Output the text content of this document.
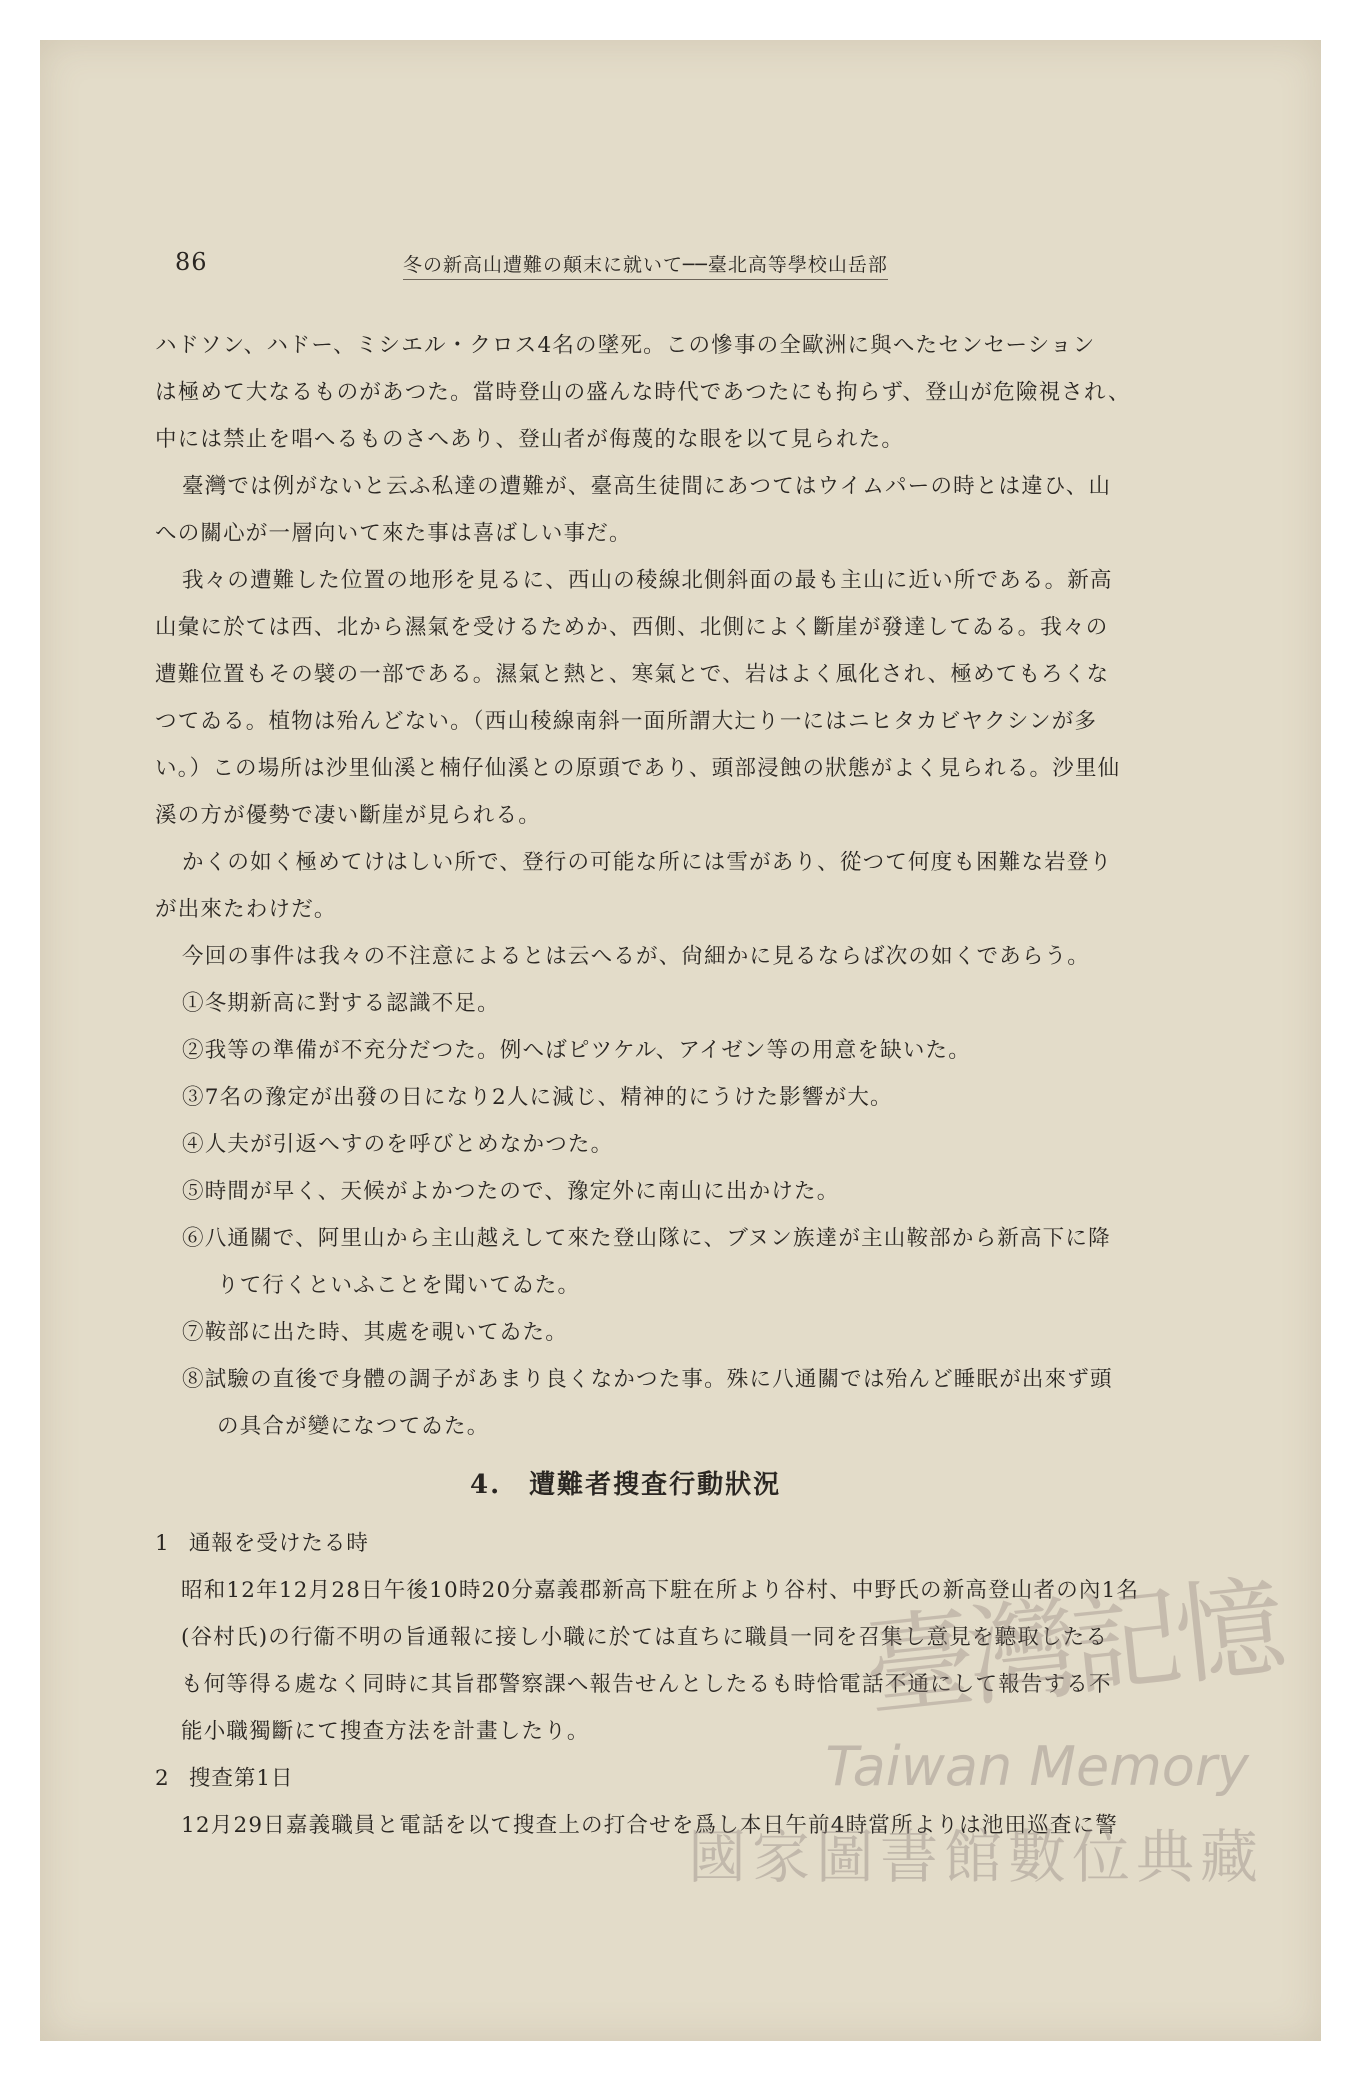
86	冬の新高山遭難の顛末に就いて──臺北高等學校山岳部
ハドソン、ハドー、ミシエル・クロス4名の墜死。この慘事の全歐洲に與へたセンセーション
は極めて大なるものがあつた。當時登山の盛んな時代であつたにも拘らず、登山が危險視され、
中には禁止を唱へるものさへあり、登山者が侮蔑的な眼を以て見られた。
臺灣では例がないと云ふ私達の遭難が、臺高生徒間にあつてはウイムパーの時とは違ひ、山
への關心が一層向いて來た事は喜ばしい事だ。
我々の遭難した位置の地形を見るに、西山の稜線北側斜面の最も主山に近い所である。新高
山彙に於ては西、北から濕氣を受けるためか、西側、北側によく斷崖が發達してゐる。我々の
遭難位置もその襞の一部である。濕氣と熱と、寒氣とで、岩はよく風化され、極めてもろくな
つてゐる。植物は殆んどない。（西山稜線南斜一面所謂大辷り一にはニヒタカビヤクシンが多
い。）この場所は沙里仙溪と楠仔仙溪との原頭であり、頭部浸蝕の狀態がよく見られる。沙里仙
溪の方が優勢で凄い斷崖が見られる。
かくの如く極めてけはしい所で、登行の可能な所には雪があり、從つて何度も困難な岩登り
が出來たわけだ。
今回の事件は我々の不注意によるとは云へるが、尙細かに見るならば次の如くであらう。
①冬期新高に對する認識不足。
②我等の準備が不充分だつた。例へばピツケル、アイゼン等の用意を缺いた。
③7名の豫定が出發の日になり2人に減じ、精神的にうけた影響が大。
④人夫が引返へすのを呼びとめなかつた。
⑤時間が早く、天候がよかつたので、豫定外に南山に出かけた。
⑥八通關で、阿里山から主山越えして來た登山隊に、ブヌン族達が主山鞍部から新高下に降
りて行くといふことを聞いてゐた。
⑦鞍部に出た時、其處を覗いてゐた。
⑧試驗の直後で身體の調子があまり良くなかつた事。殊に八通關では殆んど睡眠が出來ず頭
の具合が變になつてゐた。
4.　遭難者搜査行動狀況
1 通報を受けたる時
昭和12年12月28日午後10時20分嘉義郡新高下駐在所より谷村、中野氏の新高登山者の內1名
(谷村氏)の行衞不明の旨通報に接し小職に於ては直ちに職員一同を召集し意見を聽取したる
も何等得る處なく同時に其旨郡警察課へ報告せんとしたるも時恰電話不通にして報告する不
能小職獨斷にて搜查方法を計畫したり。
2 搜查第1日
12月29日嘉義職員と電話を以て搜查上の打合せを爲し本日午前4時當所よりは池田巡査に警
臺灣記憶
Taiwan Memory
國家圖書館數位典藏
